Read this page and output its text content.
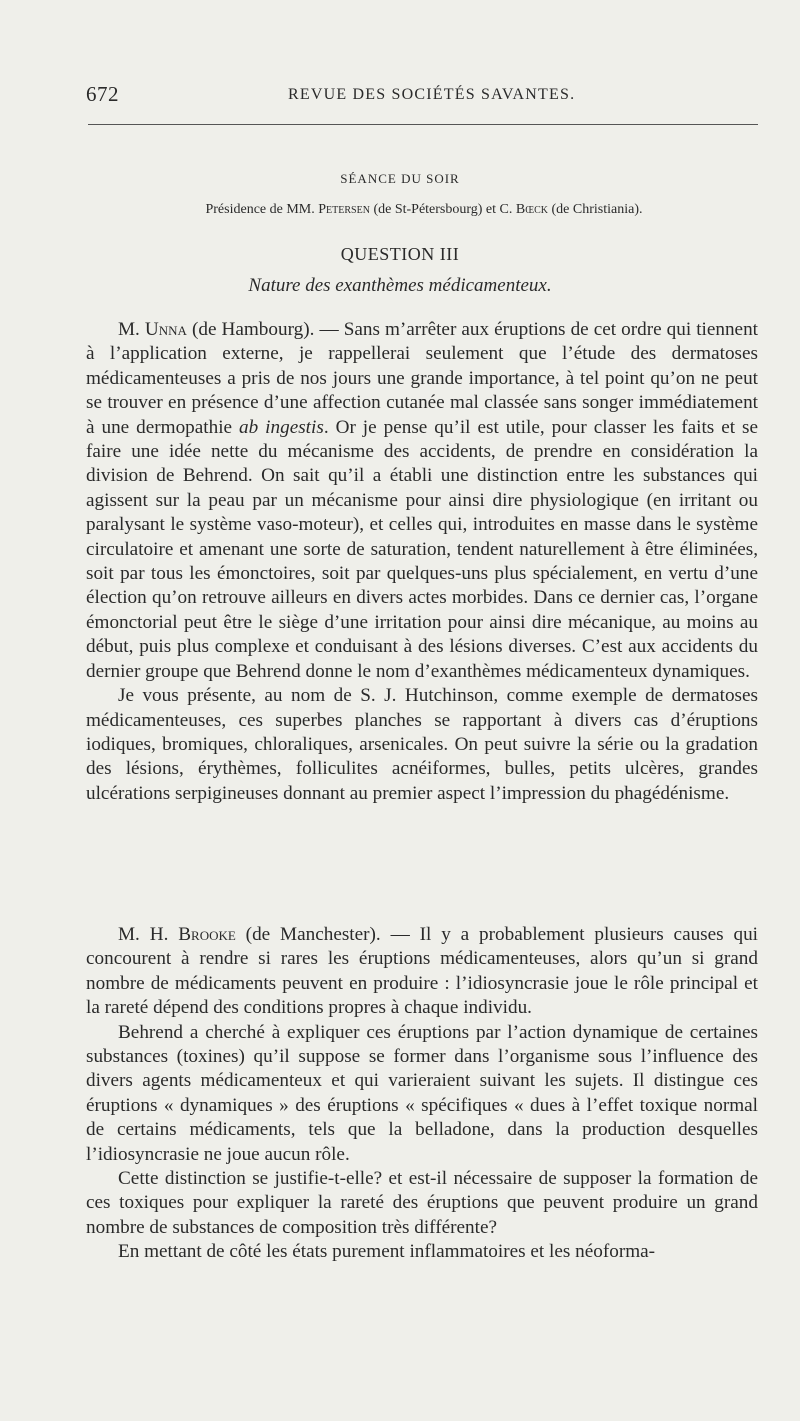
672	REVUE DES SOCIÉTÉS SAVANTES.
SÉANCE DU SOIR
Présidence de MM. Petersen (de St-Pétersbourg) et C. Bœck (de Christiania).
QUESTION III
Nature des exanthèmes médicamenteux.

M. Unna (de Hambourg). — Sans m’arrêter aux éruptions de cet ordre qui tiennent à l’application externe, je rappellerai seulement que l’étude des dermatoses médicamenteuses a pris de nos jours une grande importance, à tel point qu’on ne peut se trouver en présence d’une affection cutanée mal classée sans songer immédiatement à une dermopathie ab ingestis. Or je pense qu’il est utile, pour classer les faits et se faire une idée nette du mécanisme des accidents, de prendre en considération la division de Behrend. On sait qu’il a établi une distinction entre les substances qui agissent sur la peau par un mécanisme pour ainsi dire physiologique (en irritant ou paralysant le système vaso-moteur), et celles qui, introduites en masse dans le système circulatoire et amenant une sorte de saturation, tendent naturellement à être éliminées, soit par tous les émonctoires, soit par quelques-uns plus spécialement, en vertu d’une élection qu’on retrouve ailleurs en divers actes morbides. Dans ce dernier cas, l’organe émonctorial peut être le siège d’une irritation pour ainsi dire mécanique, au moins au début, puis plus complexe et conduisant à des lésions diverses. C’est aux accidents du dernier groupe que Behrend donne le nom d’exanthèmes médicamenteux dynamiques.

Je vous présente, au nom de S. J. Hutchinson, comme exemple de dermatoses médicamenteuses, ces superbes planches se rapportant à divers cas d’éruptions iodiques, bromiques, chloraliques, arsenicales. On peut suivre la série ou la gradation des lésions, érythèmes, folliculites acnéiformes, bulles, petits ulcères, grandes ulcérations serpigineuses donnant au premier aspect l’impression du phagédénisme.

M. H. Brooke (de Manchester). — Il y a probablement plusieurs causes qui concourent à rendre si rares les éruptions médicamenteuses, alors qu’un si grand nombre de médicaments peuvent en produire : l’idiosyncrasie joue le rôle principal et la rareté dépend des conditions propres à chaque individu.

Behrend a cherché à expliquer ces éruptions par l’action dynamique de certaines substances (toxines) qu’il suppose se former dans l’organisme sous l’influence des divers agents médicamenteux et qui varieraient suivant les sujets. Il distingue ces éruptions « dynamiques » des éruptions « spécifiques « dues à l’effet toxique normal de certains médicaments, tels que la belladone, dans la production desquelles l’idiosyncrasie ne joue aucun rôle.

Cette distinction se justifie-t-elle? et est-il nécessaire de supposer la formation de ces toxiques pour expliquer la rareté des éruptions que peuvent produire un grand nombre de substances de composition très différente?

En mettant de côté les états purement inflammatoires et les néoforma-
